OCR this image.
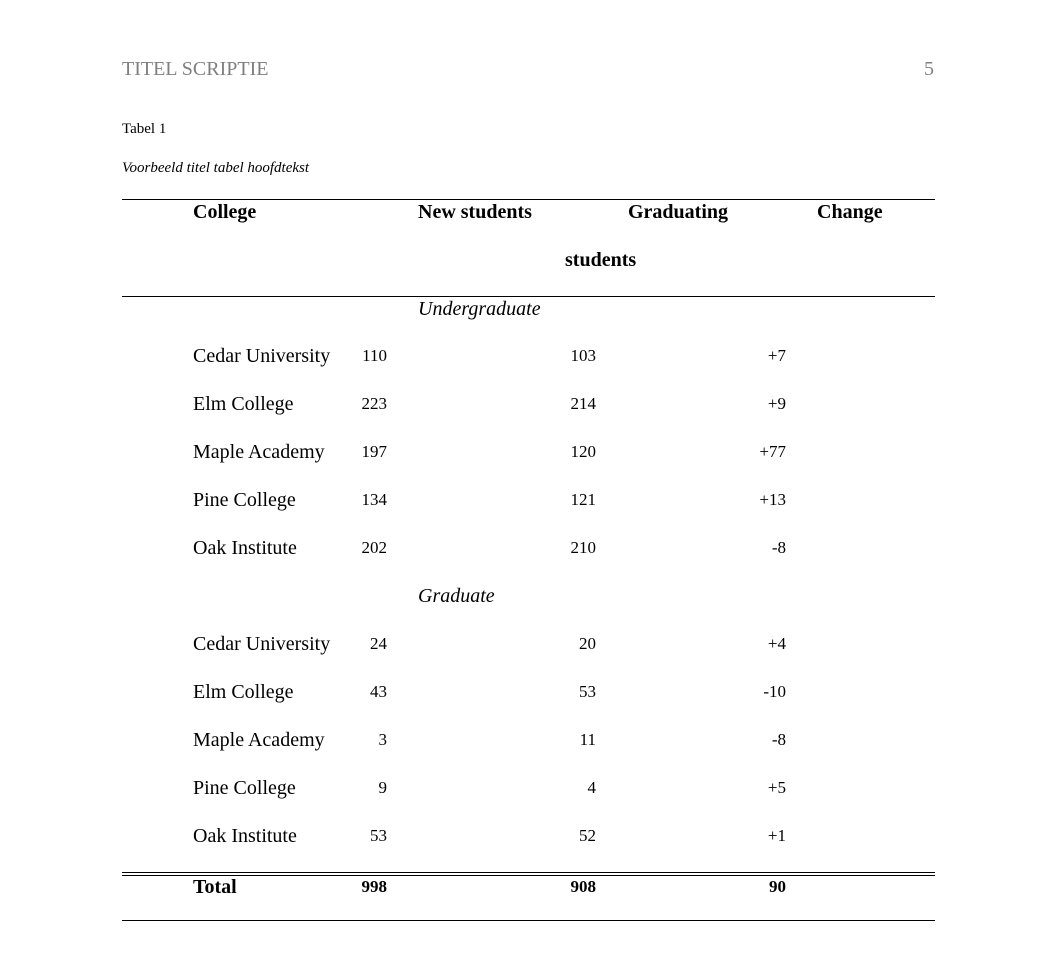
TITEL SCRIPTIE	5
Tabel 1
Voorbeeld titel tabel hoofdtekst
College	New students	Graduating	Change
students
Undergraduate
Cedar University 110	103	+7
Elm College	223	214	+9
Maple Academy 197	120	+77
Pine College	134	121	+13
Oak Institute	202	210	-8
Graduate
Cedar University 24	20	+4
Elm College	43	53	-10
Maple Academy	3	11	-8
Pine College	9	4	+5
Oak Institute	53	52	+1
Total	998	908	90
